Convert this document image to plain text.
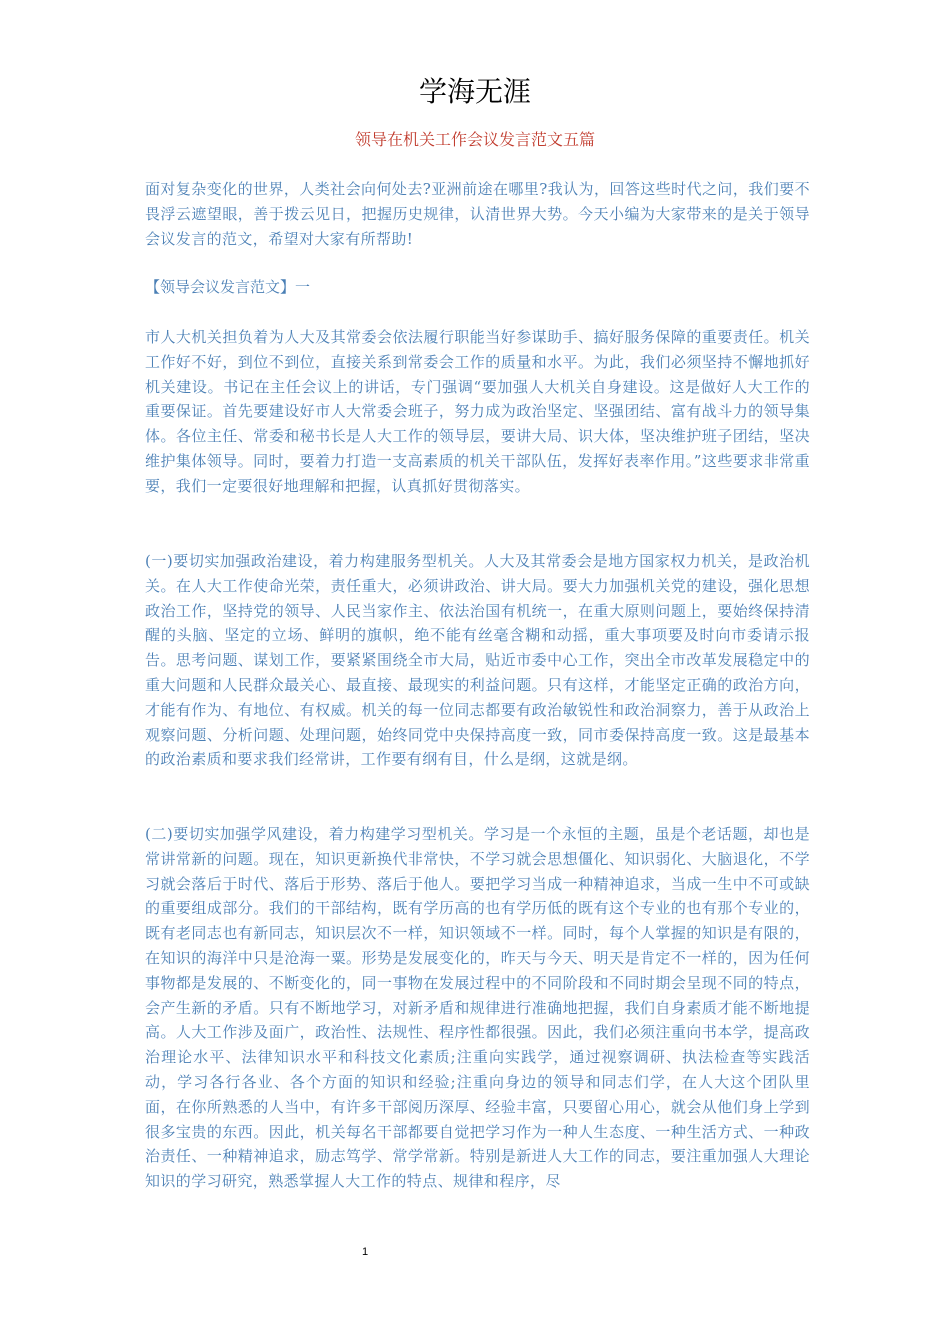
学海无涯
领导在机关工作会议发言范文五篇

面对复杂变化的世界，人类社会向何处去?亚洲前途在哪里?我认为，回答这些时代之问，我们要不畏浮云遮望眼，善于拨云见日，把握历史规律，认清世界大势。今天小编为大家带来的是关于领导会议发言的范文，希望对大家有所帮助!

【领导会议发言范文】一

市人大机关担负着为人大及其常委会依法履行职能当好参谋助手、搞好服务保障的重要责任。机关工作好不好，到位不到位，直接关系到常委会工作的质量和水平。为此，我们必须坚持不懈地抓好机关建设。书记在主任会议上的讲话，专门强调“要加强人大机关自身建设。这是做好人大工作的重要保证。首先要建设好市人大常委会班子，努力成为政治坚定、坚强团结、富有战斗力的领导集体。各位主任、常委和秘书长是人大工作的领导层，要讲大局、识大体，坚决维护班子团结，坚决维护集体领导。同时，要着力打造一支高素质的机关干部队伍，发挥好表率作用。”这些要求非常重要，我们一定要很好地理解和把握，认真抓好贯彻落实。

(一)要切实加强政治建设，着力构建服务型机关。人大及其常委会是地方国家权力机关，是政治机关。在人大工作使命光荣，责任重大，必须讲政治、讲大局。要大力加强机关党的建设，强化思想政治工作，坚持党的领导、人民当家作主、依法治国有机统一，在重大原则问题上，要始终保持清醒的头脑、坚定的立场、鲜明的旗帜，绝不能有丝毫含糊和动摇，重大事项要及时向市委请示报告。思考问题、谋划工作，要紧紧围绕全市大局，贴近市委中心工作，突出全市改革发展稳定中的重大问题和人民群众最关心、最直接、最现实的利益问题。只有这样，才能坚定正确的政治方向，才能有作为、有地位、有权威。机关的每一位同志都要有政治敏锐性和政治洞察力，善于从政治上观察问题、分析问题、处理问题，始终同党中央保持高度一致，同市委保持高度一致。这是最基本的政治素质和要求我们经常讲，工作要有纲有目，什么是纲，这就是纲。

(二)要切实加强学风建设，着力构建学习型机关。学习是一个永恒的主题，虽是个老话题，却也是常讲常新的问题。现在，知识更新换代非常快，不学习就会思想僵化、知识弱化、大脑退化，不学习就会落后于时代、落后于形势、落后于他人。要把学习当成一种精神追求，当成一生中不可或缺的重要组成部分。我们的干部结构，既有学历高的也有学历低的既有这个专业的也有那个专业的，既有老同志也有新同志，知识层次不一样，知识领域不一样。同时，每个人掌握的知识是有限的，在知识的海洋中只是沧海一粟。形势是发展变化的，昨天与今天、明天是肯定不一样的，因为任何事物都是发展的、不断变化的，同一事物在发展过程中的不同阶段和不同时期会呈现不同的特点，会产生新的矛盾。只有不断地学习，对新矛盾和规律进行准确地把握，我们自身素质才能不断地提高。人大工作涉及面广，政治性、法规性、程序性都很强。因此，我们必须注重向书本学，提高政治理论水平、法律知识水平和科技文化素质;注重向实践学，通过视察调研、执法检查等实践活动，学习各行各业、各个方面的知识和经验;注重向身边的领导和同志们学，在人大这个团队里面，在你所熟悉的人当中，有许多干部阅历深厚、经验丰富，只要留心用心，就会从他们身上学到很多宝贵的东西。因此，机关每名干部都要自觉把学习作为一种人生态度、一种生活方式、一种政治责任、一种精神追求，励志笃学、常学常新。特别是新进人大工作的同志，要注重加强人大理论知识的学习研究，熟悉掌握人大工作的特点、规律和程序，尽

1
